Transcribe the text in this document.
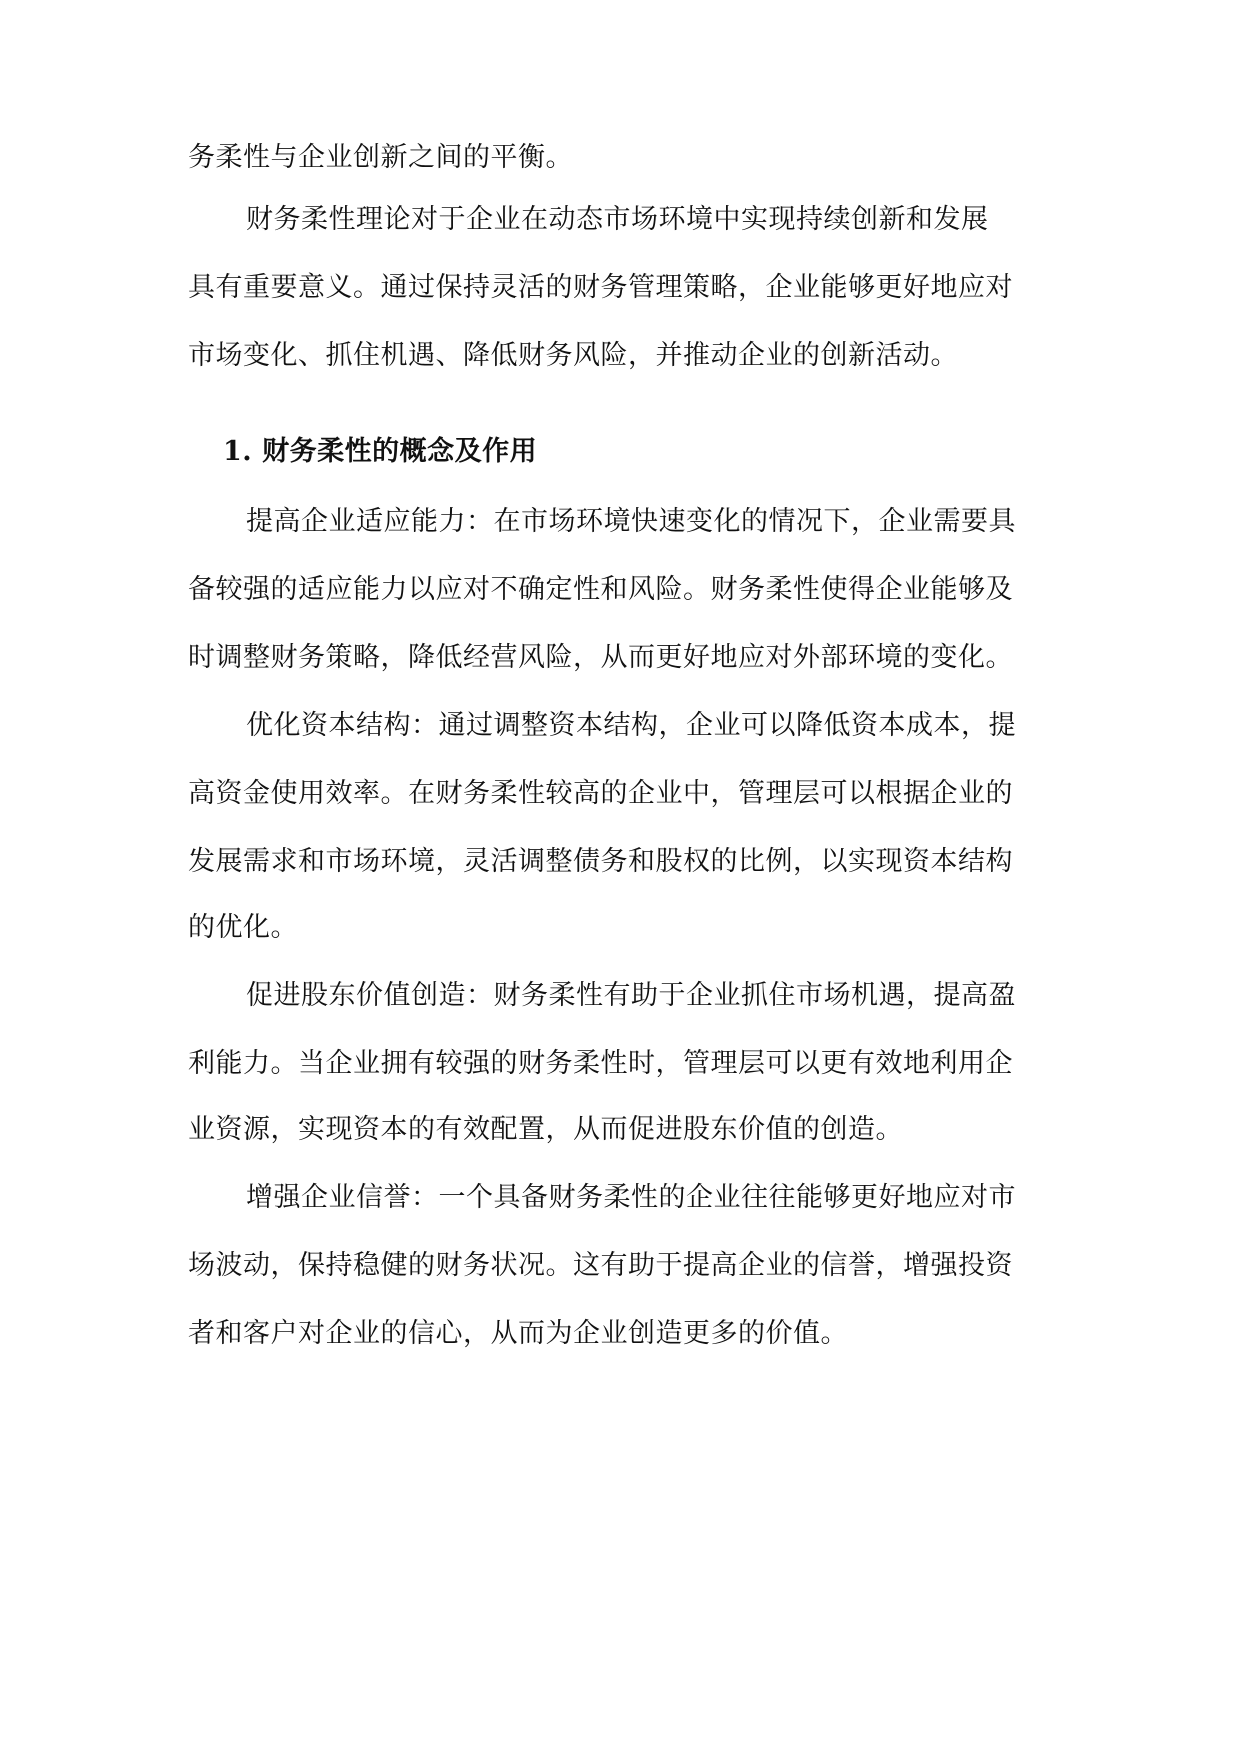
务柔性与企业创新之间的平衡。
财务柔性理论对于企业在动态市场环境中实现持续创新和发展
具有重要意义。通过保持灵活的财务管理策略，企业能够更好地应对
市场变化、抓住机遇、降低财务风险，并推动企业的创新活动。
1. 财务柔性的概念及作用
提高企业适应能力：在市场环境快速变化的情况下，企业需要具
备较强的适应能力以应对不确定性和风险。财务柔性使得企业能够及
时调整财务策略，降低经营风险，从而更好地应对外部环境的变化。
优化资本结构：通过调整资本结构，企业可以降低资本成本，提
高资金使用效率。在财务柔性较高的企业中，管理层可以根据企业的
发展需求和市场环境，灵活调整债务和股权的比例，以实现资本结构
的优化。
促进股东价值创造：财务柔性有助于企业抓住市场机遇，提高盈
利能力。当企业拥有较强的财务柔性时，管理层可以更有效地利用企
业资源，实现资本的有效配置，从而促进股东价值的创造。
增强企业信誉：一个具备财务柔性的企业往往能够更好地应对市
场波动，保持稳健的财务状况。这有助于提高企业的信誉，增强投资
者和客户对企业的信心，从而为企业创造更多的价值。
